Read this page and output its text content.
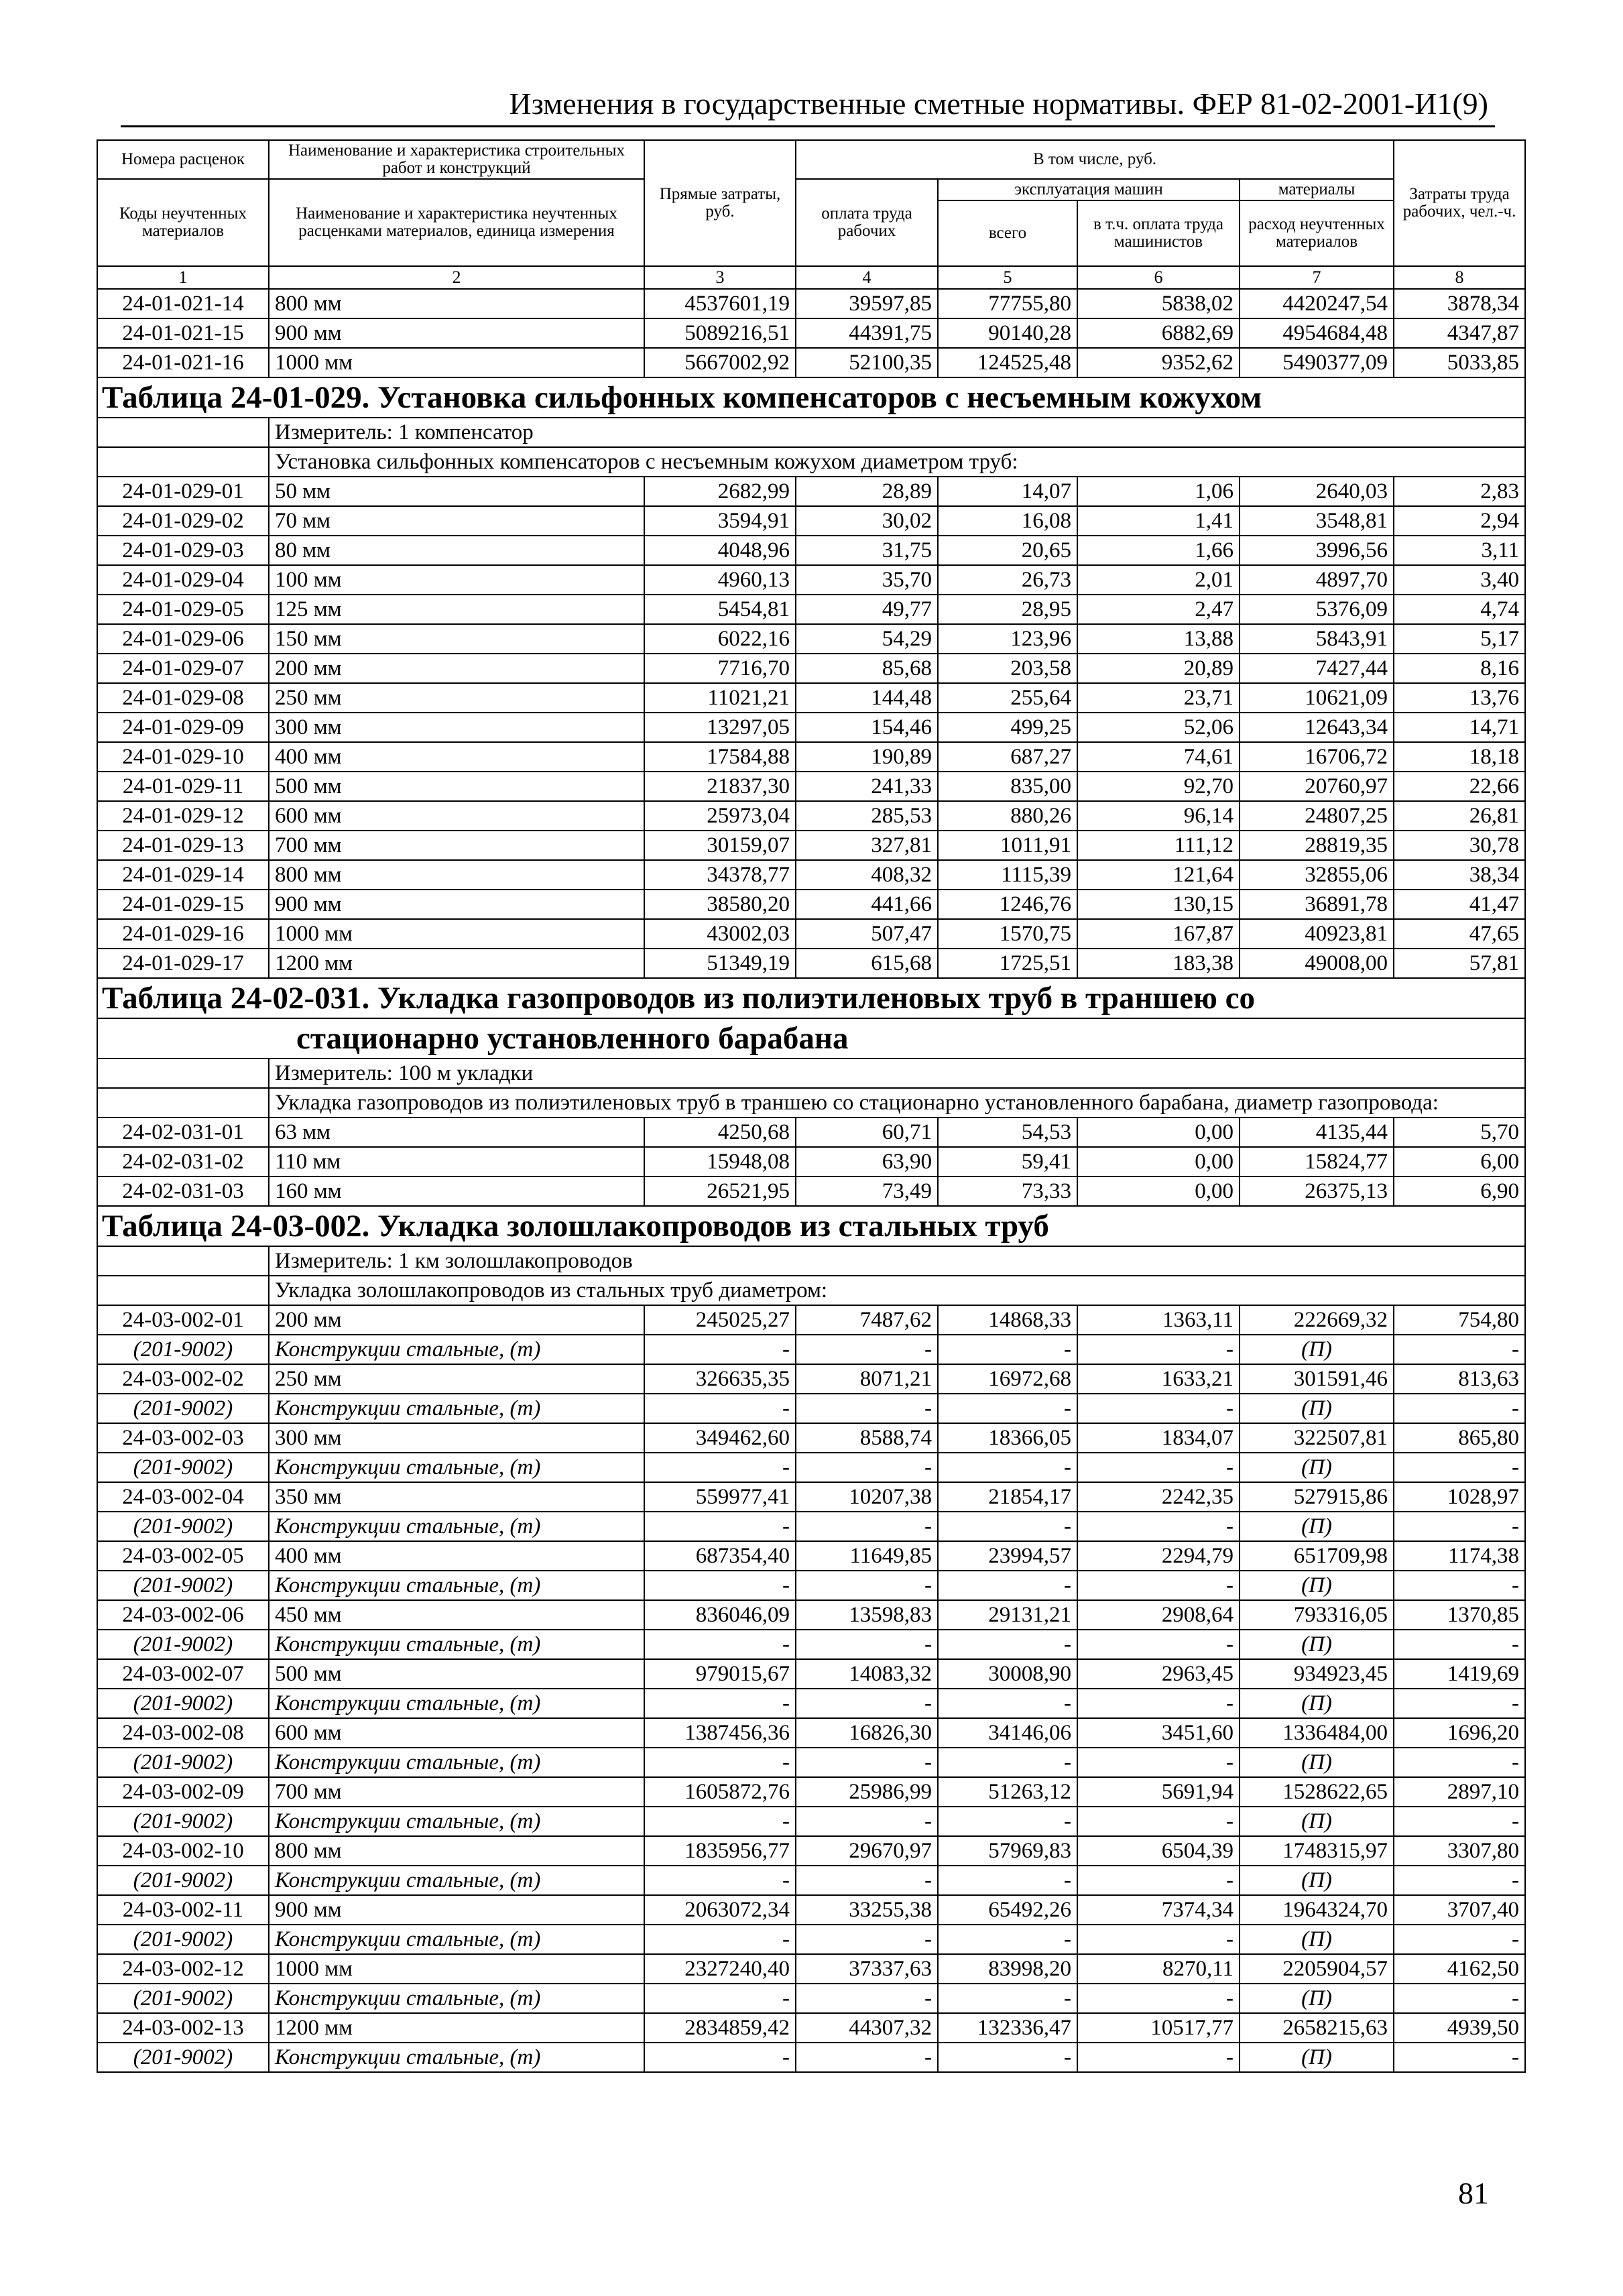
Изменения в государственные сметные нормативы. ФЕР 81-02-2001-И1(9)
Номера расценок	Наименование и характеристика строительных работ и конструкций	Прямые затраты, руб.	В том числе, руб.				Затраты труда рабочих, чел.-ч.
Коды неучтенных материалов	Наименование и характеристика неучтенных расценками материалов, единица измерения		оплата труда рабочих	эксплуатация машин		материалы	
				всего	в т.ч. оплата труда машинистов	расход неучтенных материалов	
1	2	3	4	5	6	7	8
24-01-021-14	800 мм	4537601,19	39597,85	77755,80	5838,02	4420247,54	3878,34
24-01-021-15	900 мм	5089216,51	44391,75	90140,28	6882,69	4954684,48	4347,87
24-01-021-16	1000 мм	5667002,92	52100,35	124525,48	9352,62	5490377,09	5033,85
Таблица 24-01-029. Установка сильфонных компенсаторов с несъемным кожухом							
	Измеритель: 1 компенсатор						
	Установка сильфонных компенсаторов с несъемным кожухом диаметром труб:						
24-01-029-01	50 мм	2682,99	28,89	14,07	1,06	2640,03	2,83
24-01-029-02	70 мм	3594,91	30,02	16,08	1,41	3548,81	2,94
24-01-029-03	80 мм	4048,96	31,75	20,65	1,66	3996,56	3,11
24-01-029-04	100 мм	4960,13	35,70	26,73	2,01	4897,70	3,40
24-01-029-05	125 мм	5454,81	49,77	28,95	2,47	5376,09	4,74
24-01-029-06	150 мм	6022,16	54,29	123,96	13,88	5843,91	5,17
24-01-029-07	200 мм	7716,70	85,68	203,58	20,89	7427,44	8,16
24-01-029-08	250 мм	11021,21	144,48	255,64	23,71	10621,09	13,76
24-01-029-09	300 мм	13297,05	154,46	499,25	52,06	12643,34	14,71
24-01-029-10	400 мм	17584,88	190,89	687,27	74,61	16706,72	18,18
24-01-029-11	500 мм	21837,30	241,33	835,00	92,70	20760,97	22,66
24-01-029-12	600 мм	25973,04	285,53	880,26	96,14	24807,25	26,81
24-01-029-13	700 мм	30159,07	327,81	1011,91	111,12	28819,35	30,78
24-01-029-14	800 мм	34378,77	408,32	1115,39	121,64	32855,06	38,34
24-01-029-15	900 мм	38580,20	441,66	1246,76	130,15	36891,78	41,47
24-01-029-16	1000 мм	43002,03	507,47	1570,75	167,87	40923,81	47,65
24-01-029-17	1200 мм	51349,19	615,68	1725,51	183,38	49008,00	57,81
Таблица 24-02-031. Укладка газопроводов из полиэтиленовых труб в траншею со							
стационарно установленного барабана							
	Измеритель: 100 м укладки						
	Укладка газопроводов из полиэтиленовых труб в траншею со стационарно установленного барабана, диаметр газопровода:						
24-02-031-01	63 мм	4250,68	60,71	54,53	0,00	4135,44	5,70
24-02-031-02	110 мм	15948,08	63,90	59,41	0,00	15824,77	6,00
24-02-031-03	160 мм	26521,95	73,49	73,33	0,00	26375,13	6,90
Таблица 24-03-002. Укладка золошлакопроводов из стальных труб							
	Измеритель: 1 км золошлакопроводов						
	Укладка золошлакопроводов из стальных труб диаметром:						
24-03-002-01	200 мм	245025,27	7487,62	14868,33	1363,11	222669,32	754,80
(201-9002)	Конструкции стальные, (т)	-	-	-	-	(П)	-
24-03-002-02	250 мм	326635,35	8071,21	16972,68	1633,21	301591,46	813,63
(201-9002)	Конструкции стальные, (т)	-	-	-	-	(П)	-
24-03-002-03	300 мм	349462,60	8588,74	18366,05	1834,07	322507,81	865,80
(201-9002)	Конструкции стальные, (т)	-	-	-	-	(П)	-
24-03-002-04	350 мм	559977,41	10207,38	21854,17	2242,35	527915,86	1028,97
(201-9002)	Конструкции стальные, (т)	-	-	-	-	(П)	-
24-03-002-05	400 мм	687354,40	11649,85	23994,57	2294,79	651709,98	1174,38
(201-9002)	Конструкции стальные, (т)	-	-	-	-	(П)	-
24-03-002-06	450 мм	836046,09	13598,83	29131,21	2908,64	793316,05	1370,85
(201-9002)	Конструкции стальные, (т)	-	-	-	-	(П)	-
24-03-002-07	500 мм	979015,67	14083,32	30008,90	2963,45	934923,45	1419,69
(201-9002)	Конструкции стальные, (т)	-	-	-	-	(П)	-
24-03-002-08	600 мм	1387456,36	16826,30	34146,06	3451,60	1336484,00	1696,20
(201-9002)	Конструкции стальные, (т)	-	-	-	-	(П)	-
24-03-002-09	700 мм	1605872,76	25986,99	51263,12	5691,94	1528622,65	2897,10
(201-9002)	Конструкции стальные, (т)	-	-	-	-	(П)	-
24-03-002-10	800 мм	1835956,77	29670,97	57969,83	6504,39	1748315,97	3307,80
(201-9002)	Конструкции стальные, (т)	-	-	-	-	(П)	-
24-03-002-11	900 мм	2063072,34	33255,38	65492,26	7374,34	1964324,70	3707,40
(201-9002)	Конструкции стальные, (т)	-	-	-	-	(П)	-
24-03-002-12	1000 мм	2327240,40	37337,63	83998,20	8270,11	2205904,57	4162,50
(201-9002)	Конструкции стальные, (т)	-	-	-	-	(П)	-
24-03-002-13	1200 мм	2834859,42	44307,32	132336,47	10517,77	2658215,63	4939,50
(201-9002)	Конструкции стальные, (т)	-	-	-	-	(П)	-
81
